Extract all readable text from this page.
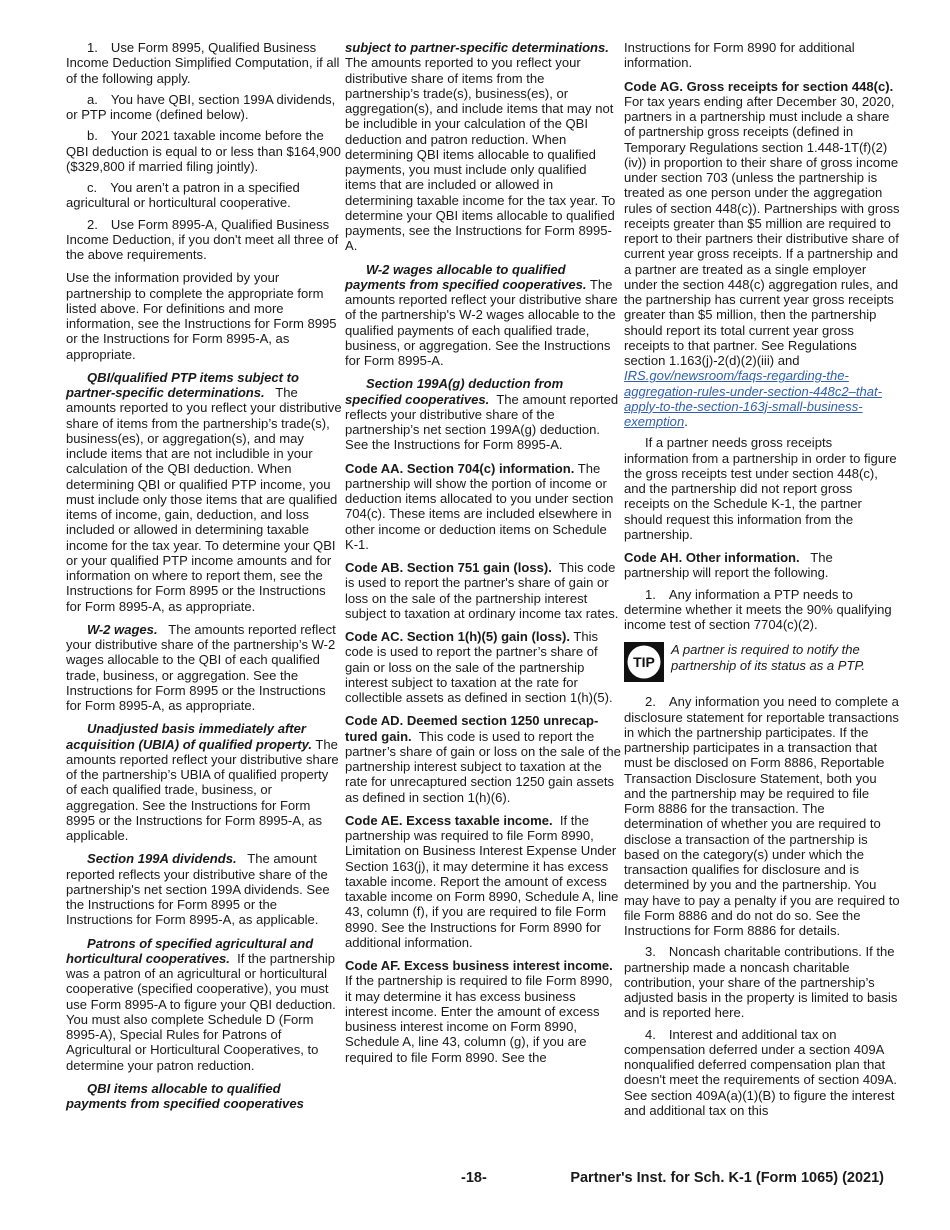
1. Use Form 8995, Qualified Business Income Deduction Simplified Computation, if all of the following apply.

a. You have QBI, section 199A dividends, or PTP income (defined below).

b. Your 2021 taxable income before the QBI deduction is equal to or less than $164,900 ($329,800 if married filing jointly).

c. You aren’t a patron in a specified agricultural or horticultural cooperative.

2. Use Form 8995-A, Qualified Business Income Deduction, if you don't meet all three of the above requirements.

Use the information provided by your partnership to complete the appropriate form listed above. For definitions and more information, see the Instructions for Form 8995 or the Instructions for Form 8995-A, as appropriate.

QBI/qualified PTP items subject to partner-specific determinations. The amounts reported to you reflect your distributive share of items from the partnership’s trade(s), business(es), or aggregation(s), and may include items that are not includible in your calculation of the QBI deduction. When determining QBI or qualified PTP income, you must include only those items that are qualified items of income, gain, deduction, and loss included or allowed in determining taxable income for the tax year. To determine your QBI or your qualified PTP income amounts and for information on where to report them, see the Instructions for Form 8995 or the Instructions for Form 8995-A, as appropriate.

W-2 wages. The amounts reported reflect your distributive share of the partnership’s W-2 wages allocable to the QBI of each qualified trade, business, or aggregation. See the Instructions for Form 8995 or the Instructions for Form 8995-A, as appropriate.

Unadjusted basis immediately after acquisition (UBIA) of qualified property. The amounts reported reflect your distributive share of the partnership’s UBIA of qualified property of each qualified trade, business, or aggregation. See the Instructions for Form 8995 or the Instructions for Form 8995-A, as applicable.

Section 199A dividends. The amount reported reflects your distributive share of the partnership's net section 199A dividends. See the Instructions for Form 8995 or the Instructions for Form 8995-A, as applicable.

Patrons of specified agricultural and horticultural cooperatives. If the partnership was a patron of an agricultural or horticultural cooperative (specified cooperative), you must use Form 8995-A to figure your QBI deduction. You must also complete Schedule D (Form 8995-A), Special Rules for Patrons of Agricultural or Horticultural Cooperatives, to determine your patron reduction.

QBI items allocable to qualified payments from specified cooperatives

subject to partner-specific determinations.  The amounts reported to you reflect your distributive share of items from the partnership’s trade(s), business(es), or aggregation(s), and include items that may not be includible in your calculation of the QBI deduction and patron reduction. When determining QBI items allocable to qualified payments, you must include only qualified items that are included or allowed in determining taxable income for the tax year. To determine your QBI items allocable to qualified payments, see the Instructions for Form 8995-A.

W-2 wages allocable to qualified payments from specified cooperatives. The amounts reported reflect your distributive share of the partnership's W-2 wages allocable to the qualified payments of each qualified trade, business, or aggregation. See the Instructions for Form 8995-A.

Section 199A(g) deduction from specified cooperatives. The amount reported reflects your distributive share of the partnership’s net section 199A(g) deduction. See the Instructions for Form 8995-A.

Code AA. Section 704(c) information. The partnership will show the portion of income or deduction items allocated to you under section 704(c). These items are included elsewhere in other income or deduction items on Schedule K-1.

Code AB. Section 751 gain (loss). This code is used to report the partner's share of gain or loss on the sale of the partnership interest subject to taxation at ordinary income tax rates.

Code AC. Section 1(h)(5) gain (loss). This code is used to report the partner’s share of gain or loss on the sale of the partnership interest subject to taxation at the rate for collectible assets as defined in section 1(h)(5).

Code AD. Deemed section 1250 unrecaptured gain. This code is used to report the partner’s share of gain or loss on the sale of the partnership interest subject to taxation at the rate for unrecaptured section 1250 gain assets as defined in section 1(h)(6).

Code AE. Excess taxable income. If the partnership was required to file Form 8990, Limitation on Business Interest Expense Under Section 163(j), it may determine it has excess taxable income. Report the amount of excess taxable income on Form 8990, Schedule A, line 43, column (f), if you are required to file Form 8990. See the Instructions for Form 8990 for additional information.

Code AF. Excess business interest income.  If the partnership is required to file Form 8990, it may determine it has excess business interest income. Enter the amount of excess business interest income on Form 8990, Schedule A, line 43, column (g), if you are required to file Form 8990. See the

Instructions for Form 8990 for additional information.

Code AG. Gross receipts for section 448(c).  For tax years ending after December 30, 2020, partners in a partnership must include a share of partnership gross receipts (defined in Temporary Regulations section 1.448-1T(f)(2)(iv)) in proportion to their share of gross income under section 703 (unless the partnership is treated as one person under the aggregation rules of section 448(c)). Partnerships with gross receipts greater than $5 million are required to report to their partners their distributive share of current year gross receipts. If a partnership and a partner are treated as a single employer under the section 448(c) aggregation rules, and the partnership has current year gross receipts greater than $5 million, then the partnership should report its total current year gross receipts to that partner. See Regulations section 1.163(j)-2(d)(2)(iii) and IRS.gov/newsroom/faqs-regarding-the-aggregation-rules-under-section-448c2–that-apply-to-the-section-163j-small-business-exemption.

If a partner needs gross receipts information from a partnership in order to figure the gross receipts test under section 448(c), and the partnership did not report gross receipts on the Schedule K-1, the partner should request this information from the partnership.

Code AH. Other information. The partnership will report the following.

1. Any information a PTP needs to determine whether it meets the 90% qualifying income test of section 7704(c)(2).

TIP
A partner is required to notify the partnership of its status as a PTP.

2. Any information you need to complete a disclosure statement for reportable transactions in which the partnership participates. If the partnership participates in a transaction that must be disclosed on Form 8886, Reportable Transaction Disclosure Statement, both you and the partnership may be required to file Form 8886 for the transaction. The determination of whether you are required to disclose a transaction of the partnership is based on the category(s) under which the transaction qualifies for disclosure and is determined by you and the partnership. You may have to pay a penalty if you are required to file Form 8886 and do not do so. See the Instructions for Form 8886 for details.

3. Noncash charitable contributions. If the partnership made a noncash charitable contribution, your share of the partnership’s adjusted basis in the property is limited to basis and is reported here.

4. Interest and additional tax on compensation deferred under a section 409A nonqualified deferred compensation plan that doesn't meet the requirements of section 409A. See section 409A(a)(1)(B) to figure the interest and additional tax on this

-18-	Partner's Inst. for Sch. K-1 (Form 1065) (2021)
